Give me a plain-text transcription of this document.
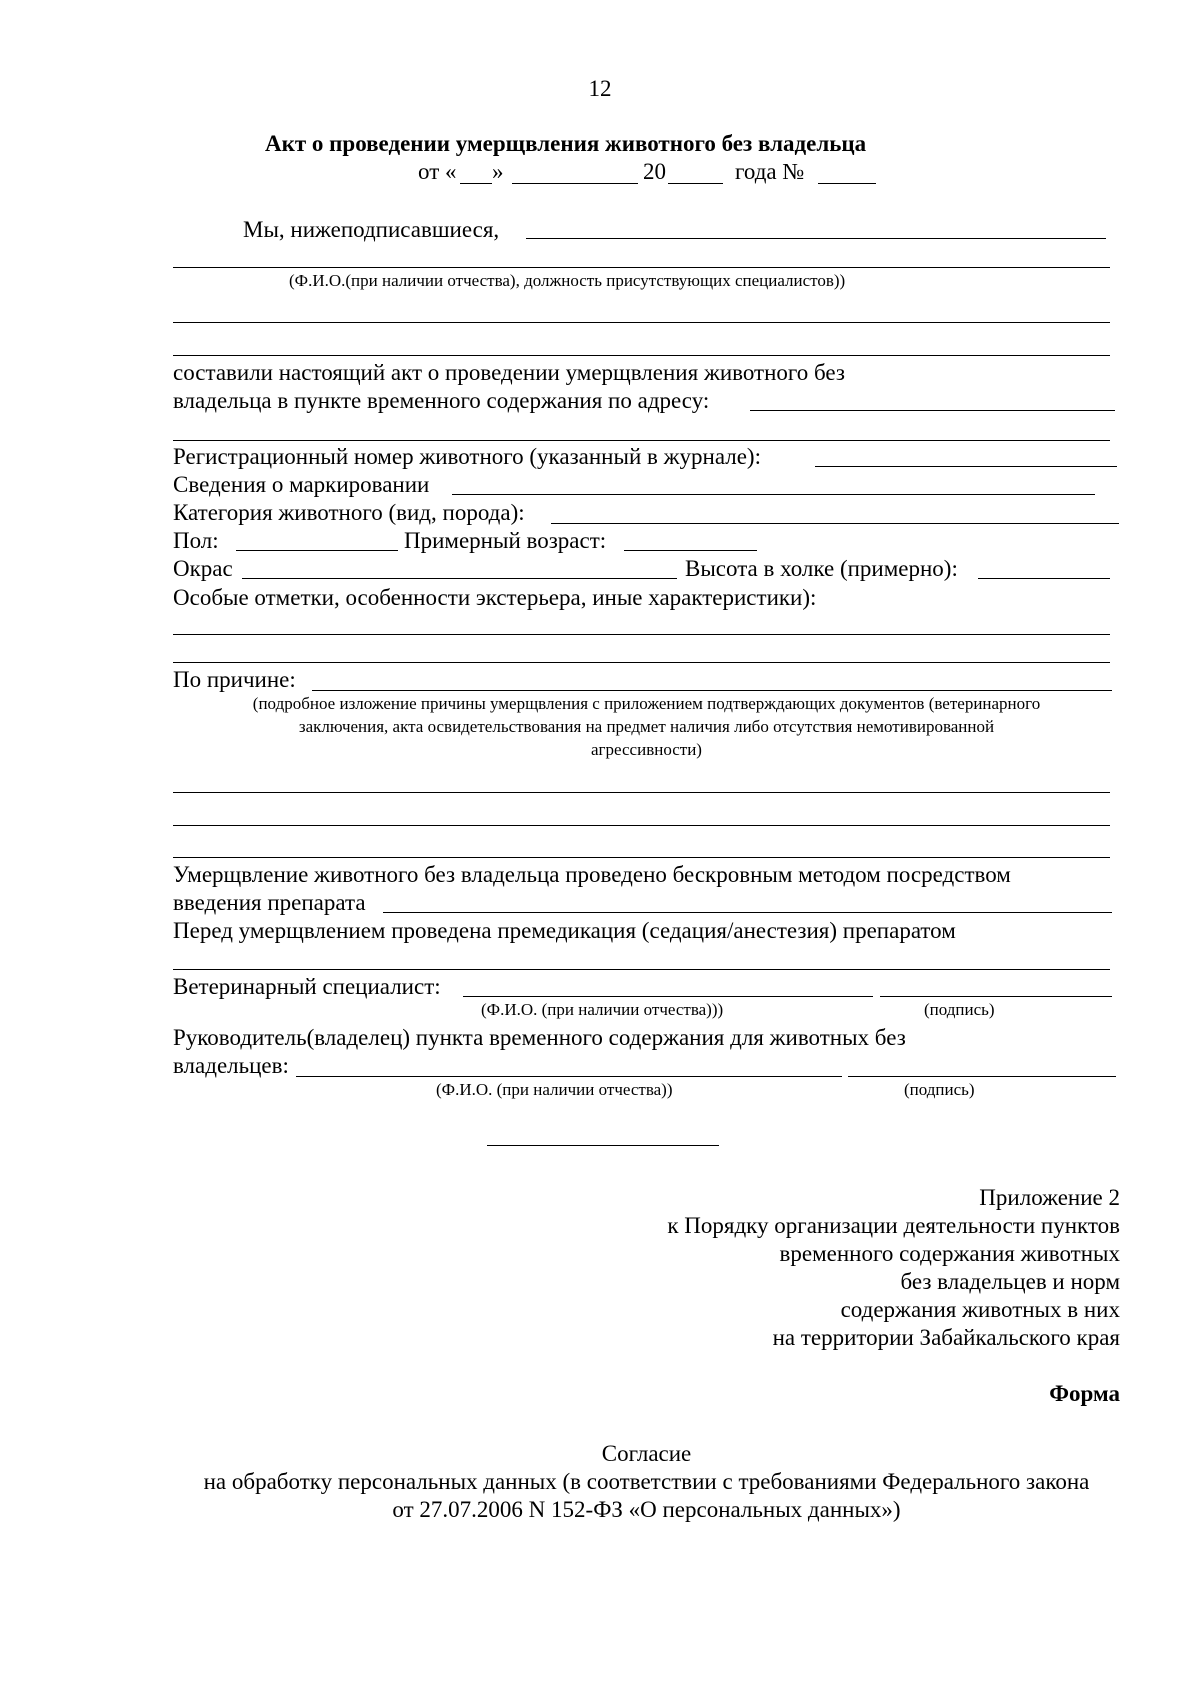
12
Акт о проведении умерщвления животного без владельца
от « »	20	года №
Мы, нижеподписавшиеся,
(Ф.И.О.(при наличии отчества), должность присутствующих специалистов))
составили настоящий акт о проведении умерщвления животного без
владельца в пункте временного содержания по адресу:
Регистрационный номер животного (указанный в журнале):
Сведения о маркировании
Категория животного (вид, порода):
Пол:	Примерный возраст:
Окрас	Высота в холке (примерно):
Особые отметки, особенности экстерьера, иные характеристики):
По причине:
(подробное изложение причины умерщвления с приложением подтверждающих документов (ветеринарного
заключения, акта освидетельствования на предмет наличия либо отсутствия немотивированной
агрессивности)
Умерщвление животного без владельца проведено бескровным методом посредством
введения препарата
Перед умерщвлением проведена премедикация (седация/анестезия) препаратом
Ветеринарный специалист:
(Ф.И.О. (при наличии отчества)))	(подпись)
Руководитель(владелец) пункта временного содержания для животных без
владельцев:
(Ф.И.О. (при наличии отчества))	(подпись)
Приложение 2
к Порядку организации деятельности пунктов
временного содержания животных
без владельцев и норм
содержания животных в них
на территории Забайкальского края
Форма
Согласие
на обработку персональных данных (в соответствии с требованиями Федерального закона
от 27.07.2006 N 152-ФЗ «О персональных данных»)
